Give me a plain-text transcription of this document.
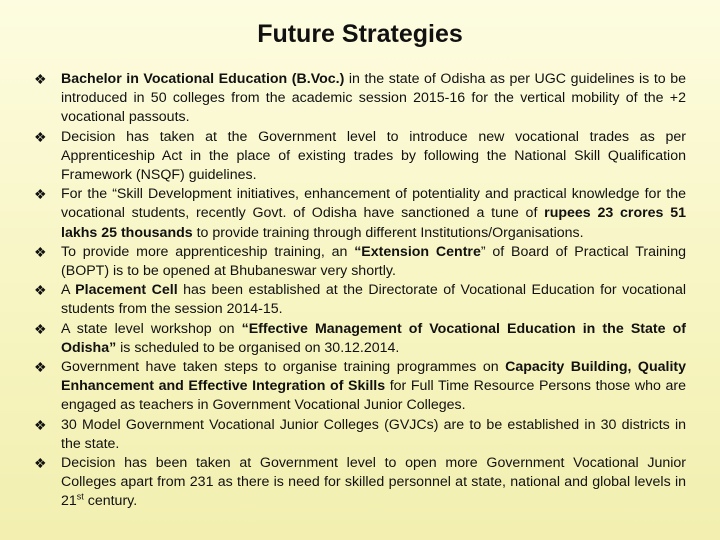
Future Strategies
❖ Bachelor in Vocational Education (B.Voc.) in the state of Odisha as per UGC guidelines is to be introduced in 50 colleges from the academic session 2015-16 for the vertical mobility of the +2 vocational passouts.
❖ Decision has taken at the Government level to introduce new vocational trades as per Apprenticeship Act in the place of existing trades by following the National Skill Qualification Framework (NSQF) guidelines.
❖ For the “Skill Development initiatives, enhancement of potentiality and practical knowledge for the vocational students, recently Govt. of Odisha have sanctioned a tune of rupees 23 crores 51 lakhs 25 thousands to provide training through different Institutions/Organisations.
❖ To provide more apprenticeship training, an “Extension Centre” of Board of Practical Training (BOPT) is to be opened at Bhubaneswar very shortly.
❖ A Placement Cell has been established at the Directorate of Vocational Education for vocational students from the session 2014-15.
❖ A state level workshop on “Effective Management of Vocational Education in the State of Odisha” is scheduled to be organised on 30.12.2014.
❖ Government have taken steps to organise training programmes on Capacity Building, Quality Enhancement and Effective Integration of Skills for Full Time Resource Persons those who are engaged as teachers in Government Vocational Junior Colleges.
❖ 30 Model Government Vocational Junior Colleges (GVJCs) are to be established in 30 districts in the state.
❖ Decision has been taken at Government level to open more Government Vocational Junior Colleges apart from 231 as there is need for skilled personnel at state, national and global levels in 21st century.
